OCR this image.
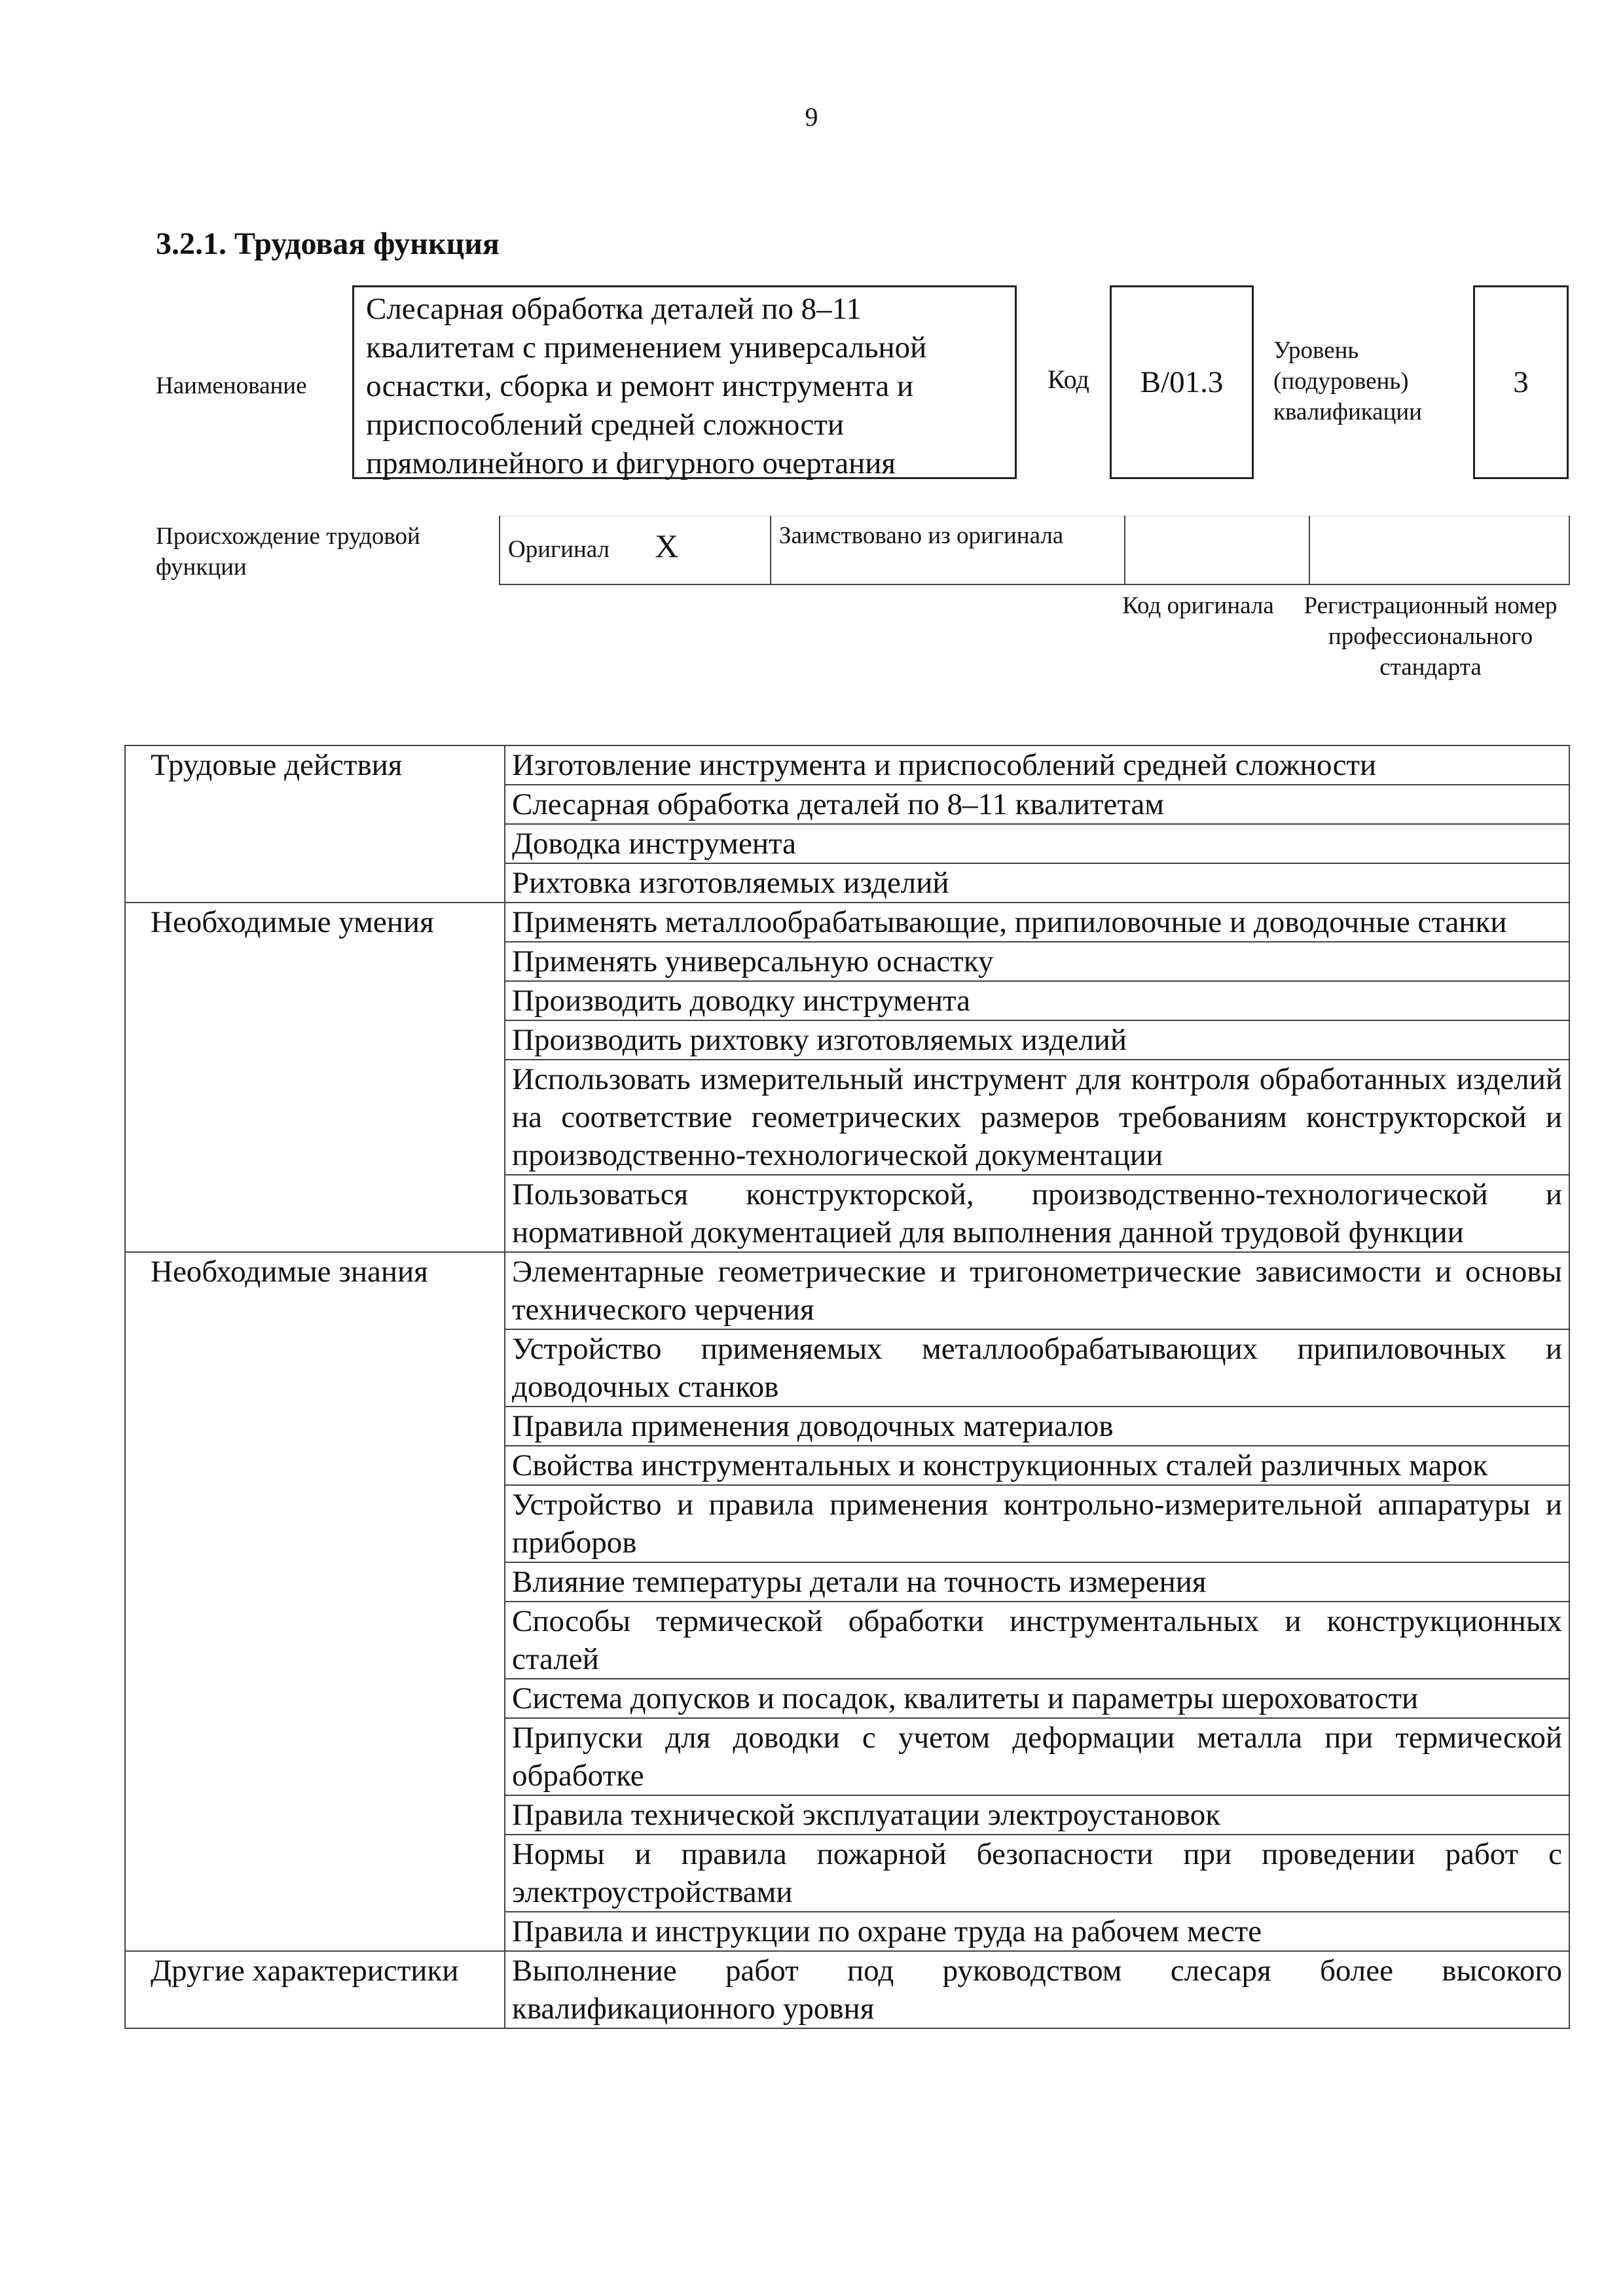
9
3.2.1. Трудовая функция
Наименование
Слесарная обработка деталей по 8–11 квалитетам с применением универсальной оснастки, сборка и ремонт инструмента и приспособлений средней сложности прямолинейного и фигурного очертания
Код	B/01.3
Уровень (подуровень) квалификации
3
Происхождение трудовой функции
Оригинал X	Заимствовано из оригинала		
Код оригинала	Регистрационный номер профессионального стандарта
Трудовые действия	Изготовление инструмента и приспособлений средней сложности
	Слесарная обработка деталей по 8–11 квалитетам
	Доводка инструмента
	Рихтовка изготовляемых изделий
Необходимые умения	Применять металлообрабатывающие, припиловочные и доводочные станки
	Применять универсальную оснастку
	Производить доводку инструмента
	Производить рихтовку изготовляемых изделий
	Использовать измерительный инструмент для контроля обработанных изделий на соответствие геометрических размеров требованиям конструкторской и производственно-технологической документации
	Пользоваться конструкторской, производственно-технологической и нормативной документацией для выполнения данной трудовой функции
Необходимые знания	Элементарные геометрические и тригонометрические зависимости и основы технического черчения
	Устройство применяемых металлообрабатывающих припиловочных и доводочных станков
	Правила применения доводочных материалов
	Свойства инструментальных и конструкционных сталей различных марок
	Устройство и правила применения контрольно-измерительной аппаратуры и приборов
	Влияние температуры детали на точность измерения
	Способы термической обработки инструментальных и конструкционных сталей
	Система допусков и посадок, квалитеты и параметры шероховатости
	Припуски для доводки с учетом деформации металла при термической обработке
	Правила технической эксплуатации электроустановок
	Нормы и правила пожарной безопасности при проведении работ с электроустройствами
	Правила и инструкции по охране труда на рабочем месте
Другие характеристики	Выполнение работ под руководством слесаря более высокого квалификационного уровня
